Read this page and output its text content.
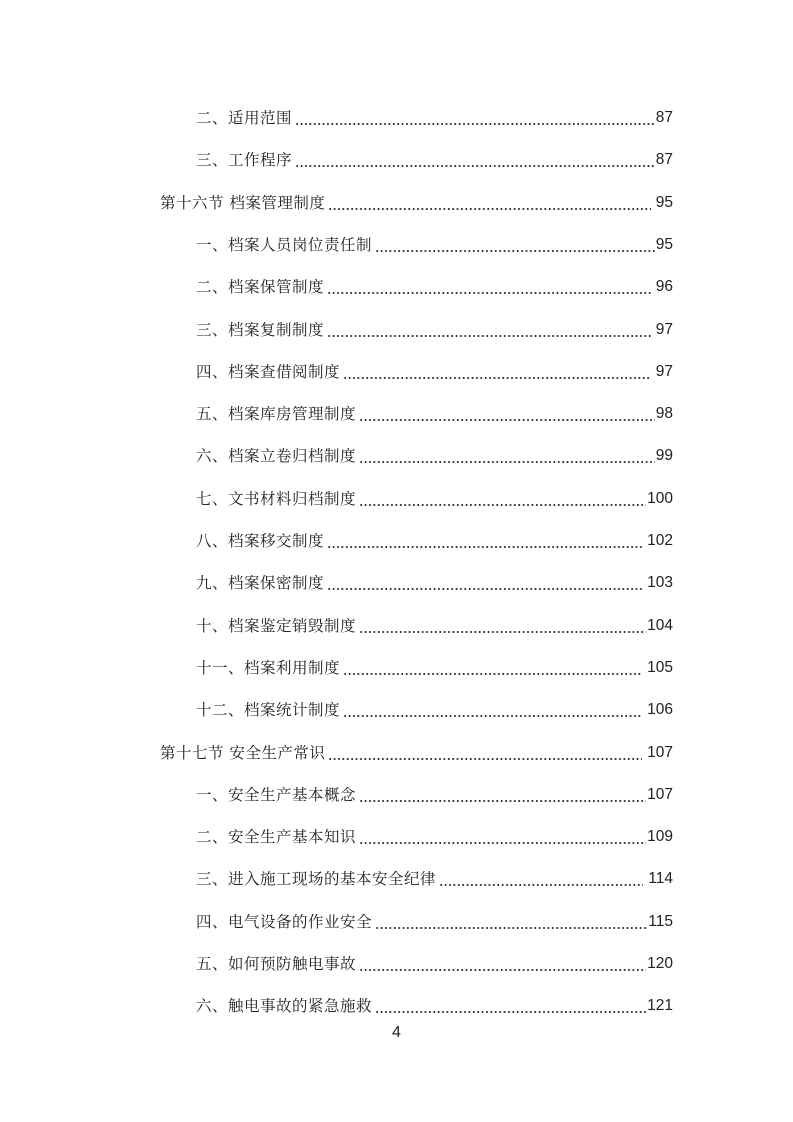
二、适用范围	87
三、工作程序	87
第十六节 档案管理制度	95
一、档案人员岗位责任制	95
二、档案保管制度	96
三、档案复制制度	97
四、档案查借阅制度	97
五、档案库房管理制度	98
六、档案立卷归档制度	99
七、文书材料归档制度	100
八、档案移交制度	102
九、档案保密制度	103
十、档案鉴定销毁制度	104
十一、档案利用制度	105
十二、档案统计制度	106
第十七节 安全生产常识	107
一、安全生产基本概念	107
二、安全生产基本知识	109
三、进入施工现场的基本安全纪律	114
四、电气设备的作业安全	115
五、如何预防触电事故	120
六、触电事故的紧急施救	121
4
